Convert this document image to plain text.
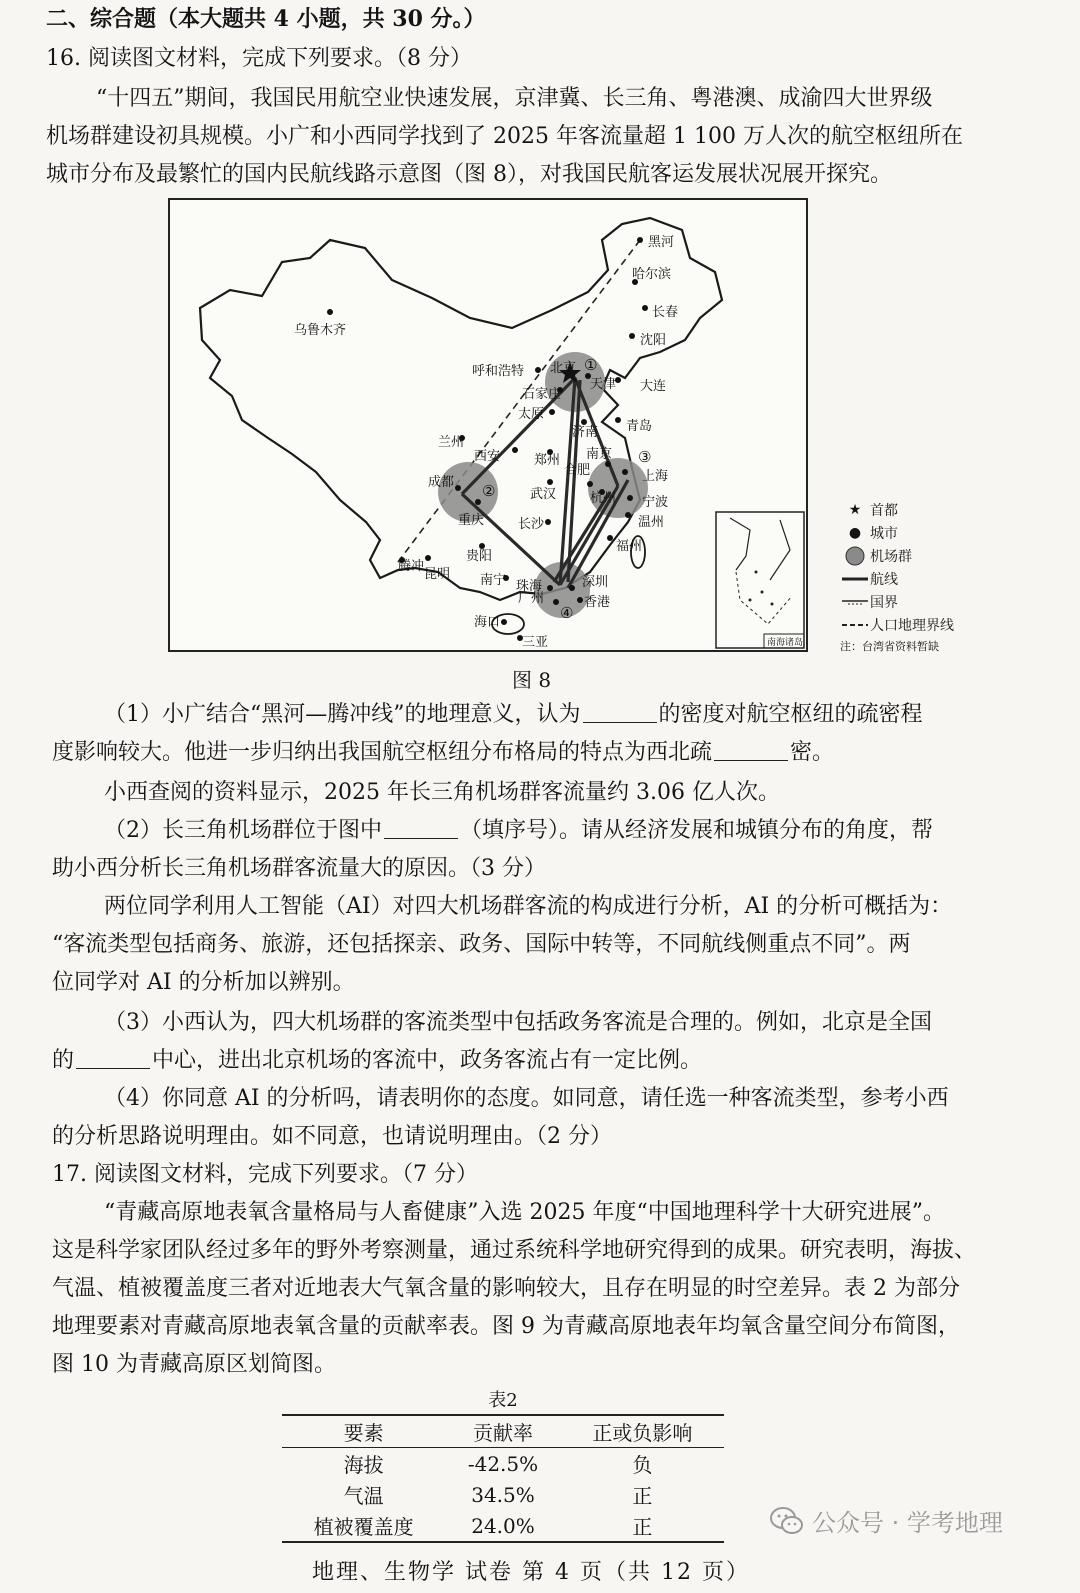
二、综合题（本大题共 4 小题，共 30 分。）
16. 阅读图文材料，完成下列要求。（8 分）
“十四五”期间，我国民用航空业快速发展，京津冀、长三角、粤港澳、成渝四大世界级
机场群建设初具规模。小广和小西同学找到了 2025 年客流量超 1 100 万人次的航空枢纽所在
城市分布及最繁忙的国内民航线路示意图（图 8），对我国民航客运发展状况展开探究。
黑河
哈尔滨
长春
沈阳
乌鲁木齐
呼和浩特 北京
天津
石家庄
大连
太原
济南 青岛
兰州
西安	郑州
成都
重庆
武汉
合肥
南京
上海
杭州 宁波
温州
长沙
福州
贵阳
昆明
腾冲
南宁
广州
深圳
珠海
香港
海口
三亚
①
②
③
④
南海诸岛
★ 首都
● 城市
机场群
航线
国界
人口地理界线
注：台湾省资料暂缺
图 8
（1）小广结合“黑河—腾冲线”的地理意义，认为	的密度对航空枢纽的疏密程
度影响较大。他进一步归纳出我国航空枢纽分布格局的特点为西北疏	密。
小西查阅的资料显示，2025 年长三角机场群客流量约 3.06 亿人次。
（2）长三角机场群位于图中	（填序号）。请从经济发展和城镇分布的角度，帮
助小西分析长三角机场群客流量大的原因。（3 分）
两位同学利用人工智能（AI）对四大机场群客流的构成进行分析，AI 的分析可概括为：
“客流类型包括商务、旅游，还包括探亲、政务、国际中转等，不同航线侧重点不同”。两
位同学对 AI 的分析加以辨别。
（3）小西认为，四大机场群的客流类型中包括政务客流是合理的。例如，北京是全国
的	中心，进出北京机场的客流中，政务客流占有一定比例。
（4）你同意 AI 的分析吗，请表明你的态度。如同意，请任选一种客流类型，参考小西
的分析思路说明理由。如不同意，也请说明理由。（2 分）
17. 阅读图文材料，完成下列要求。（7 分）
“青藏高原地表氧含量格局与人畜健康”入选 2025 年度“中国地理科学十大研究进展”。
这是科学家团队经过多年的野外考察测量，通过系统科学地研究得到的成果。研究表明，海拔、
气温、植被覆盖度三者对近地表大气氧含量的影响较大，且存在明显的时空差异。表 2 为部分
地理要素对青藏高原地表氧含量的贡献率表。图 9 为青藏高原地表年均氧含量空间分布简图，
图 10 为青藏高原区划简图。
表2
要素	贡献率	正或负影响
海拔	-42.5%	负
气温	34.5%	正
植被覆盖度	24.0%	正	公众号 · 学考地理
地理、生物学 试卷 第 4 页（共 12 页）
